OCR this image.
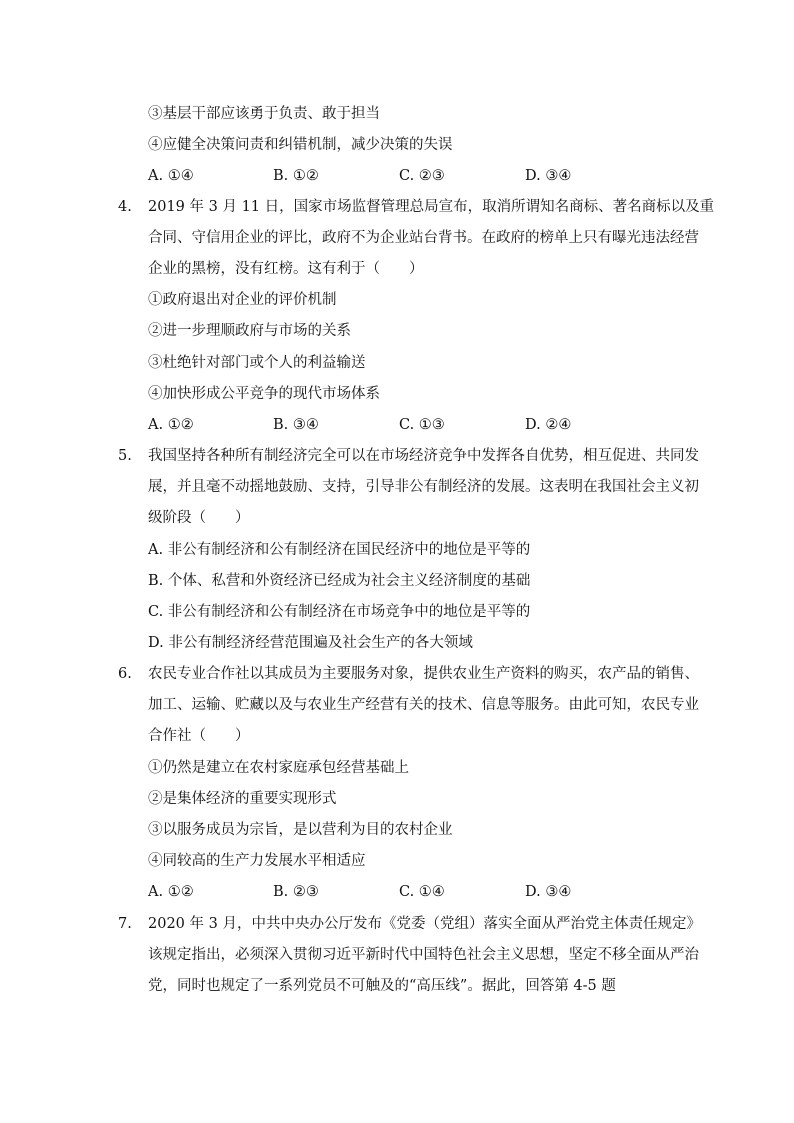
③基层干部应该勇于负责、敢于担当
④应健全决策问责和纠错机制，减少决策的失误
A. ①④	B. ①②	C. ②③	D. ③④
4. 2019 年 3 月 11 日，国家市场监督管理总局宣布，取消所谓知名商标、著名商标以及重
合同、守信用企业的评比，政府不为企业站台背书。在政府的榜单上只有曝光违法经营
企业的黑榜，没有红榜。这有利于（　　）
①政府退出对企业的评价机制
②进一步理顺政府与市场的关系
③杜绝针对部门或个人的利益输送
④加快形成公平竞争的现代市场体系
A. ①②	B. ③④	C. ①③	D. ②④
5. 我国坚持各种所有制经济完全可以在市场经济竞争中发挥各自优势，相互促进、共同发
展，并且毫不动摇地鼓励、支持，引导非公有制经济的发展。这表明在我国社会主义初
级阶段（　　）
A. 非公有制经济和公有制经济在国民经济中的地位是平等的
B. 个体、私营和外资经济已经成为社会主义经济制度的基础
C. 非公有制经济和公有制经济在市场竞争中的地位是平等的
D. 非公有制经济经营范围遍及社会生产的各大领域
6. 农民专业合作社以其成员为主要服务对象，提供农业生产资料的购买，农产品的销售、
加工、运输、贮藏以及与农业生产经营有关的技术、信息等服务。由此可知，农民专业
合作社（　　）
①仍然是建立在农村家庭承包经营基础上
②是集体经济的重要实现形式
③以服务成员为宗旨，是以营利为目的农村企业
④同较高的生产力发展水平相适应
A. ①②	B. ②③	C. ①④	D. ③④
7. 2020 年 3 月，中共中央办公厅发布《党委（党组）落实全面从严治党主体责任规定》
该规定指出，必须深入贯彻习近平新时代中国特色社会主义思想，坚定不移全面从严治
党，同时也规定了一系列党员不可触及的“高压线”。据此，回答第 4-5 题
